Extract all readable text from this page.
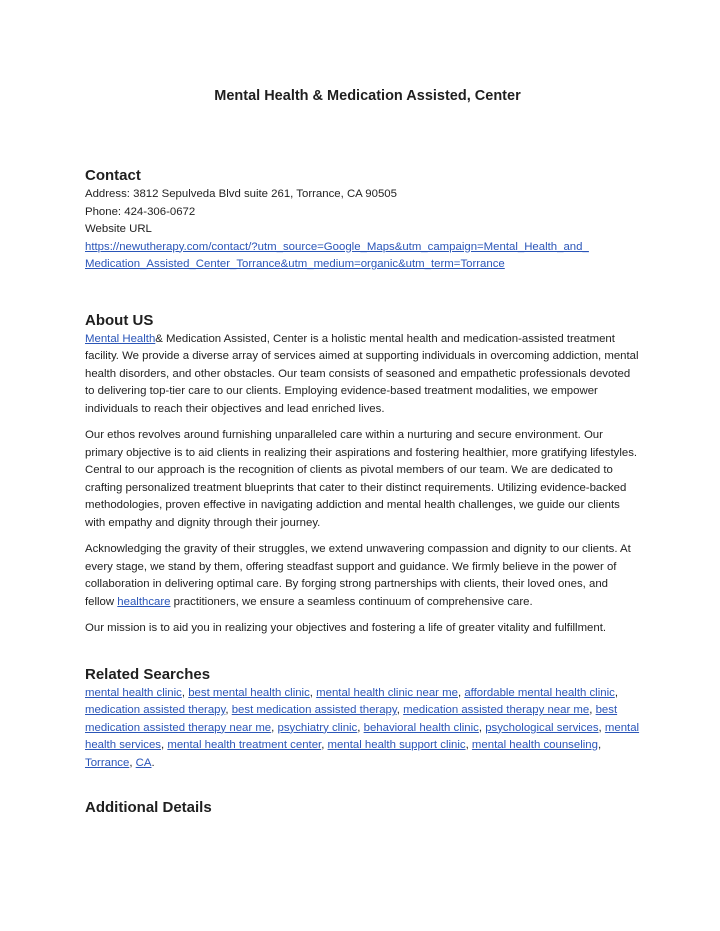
Mental Health & Medication Assisted, Center
Contact
Address: 3812 Sepulveda Blvd suite 261, Torrance, CA 90505
Phone: 424-306-0672
Website URL
https://newutherapy.com/contact/?utm_source=Google_Maps&utm_campaign=Mental_Health_and_
Medication_Assisted_Center_Torrance&utm_medium=organic&utm_term=Torrance
About US

Mental Health& Medication Assisted, Center is a holistic mental health and medication-assisted treatment facility. We provide a diverse array of services aimed at supporting individuals in overcoming addiction, mental health disorders, and other obstacles. Our team consists of seasoned and empathetic professionals devoted to delivering top-tier care to our clients. Employing evidence-based treatment modalities, we empower individuals to reach their objectives and lead enriched lives.

Our ethos revolves around furnishing unparalleled care within a nurturing and secure environment. Our primary objective is to aid clients in realizing their aspirations and fostering healthier, more gratifying lifestyles. Central to our approach is the recognition of clients as pivotal members of our team. We are dedicated to crafting personalized treatment blueprints that cater to their distinct requirements. Utilizing evidence-backed methodologies, proven effective in navigating addiction and mental health challenges, we guide our clients with empathy and dignity through their journey.

Acknowledging the gravity of their struggles, we extend unwavering compassion and dignity to our clients. At every stage, we stand by them, offering steadfast support and guidance. We firmly believe in the power of collaboration in delivering optimal care. By forging strong partnerships with clients, their loved ones, and fellow healthcare practitioners, we ensure a seamless continuum of comprehensive care.

Our mission is to aid you in realizing your objectives and fostering a life of greater vitality and fulfillment.

Related Searches

mental health clinic, best mental health clinic, mental health clinic near me, affordable mental health clinic, medication assisted therapy, best medication assisted therapy, medication assisted therapy near me, best medication assisted therapy near me, psychiatry clinic, behavioral health clinic, psychological services, mental health services, mental health treatment center, mental health support clinic, mental health counseling, Torrance, CA.

Additional Details
